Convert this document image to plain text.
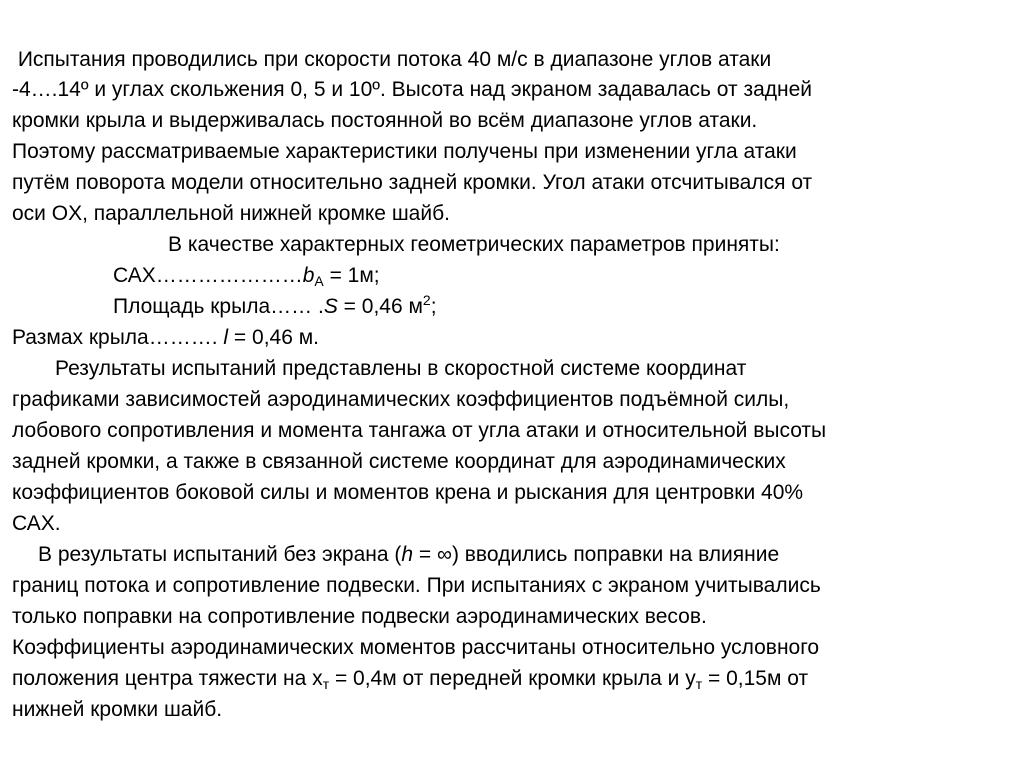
Испытания проводились при скорости потока 40 м/с в диапазоне углов атаки
-4….14º и углах скольжения 0, 5 и 10º. Высота над экраном задавалась от задней
кромки крыла и выдерживалась постоянной во всём диапазоне углов атаки.
Поэтому рассматриваемые характеристики получены при изменении угла атаки
путём поворота модели относительно задней кромки. Угол атаки отсчитывался от
оси OX, параллельной нижней кромке шайб.
В качестве характерных геометрических параметров приняты:
$САХ\dots\dots\dots\dots\dots\dots\dots b_A = 1м$;
Площадь крыла…… .S = 0,46 $м^2$;
Размах крыла………. l = 0,46 м.
Результаты испытаний представлены в скоростной системе координат
графиками зависимостей аэродинамических коэффициентов подъёмной силы,
лобового сопротивления и момента тангажа от угла атаки и относительной высоты
задней кромки, а также в связанной системе координат для аэродинамических
коэффициентов боковой силы и моментов крена и рыскания для центровки 40%
САХ.
В результаты испытаний без экрана (h = ∞) вводились поправки на влияние
границ потока и сопротивление подвески. При испытаниях с экраном учитывались
только поправки на сопротивление подвески аэродинамических весов.
Коэффициенты аэродинамических моментов рассчитаны относительно условного
положения центра тяжести на $x_т = 0,4м$ от передней кромки крыла и $y_т = 0,15м$ от
нижней кромки шайб.
